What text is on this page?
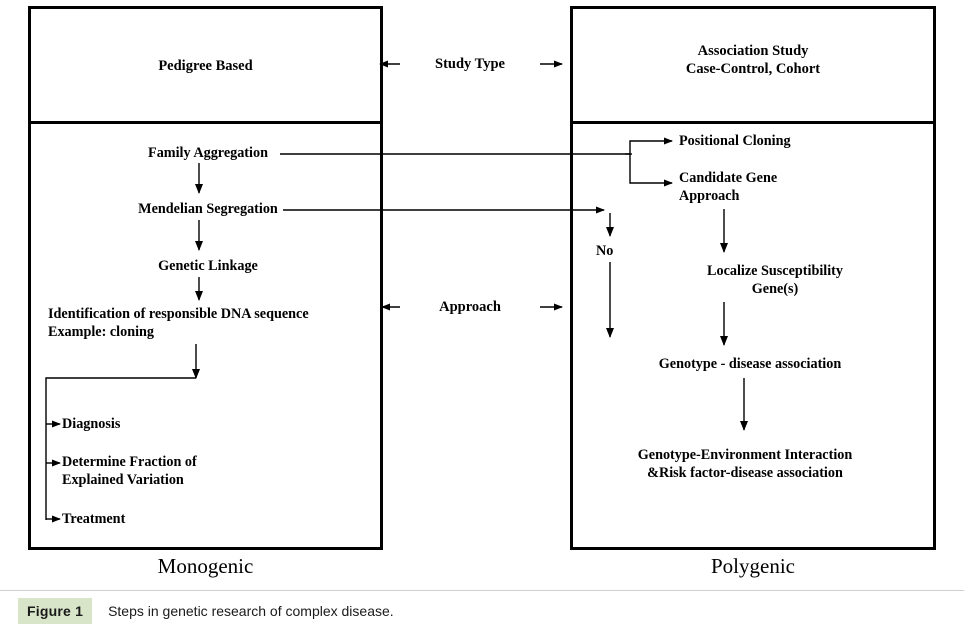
Pedigree Based
Association Study
Case-Control, Cohort
Study Type
Approach
Family Aggregation
Mendelian Segregation
Genetic Linkage
Identification of responsible DNA sequence
Example: cloning
Diagnosis
Determine Fraction of
Explained Variation
Treatment
Monogenic
Positional Cloning
Candidate Gene
Approach
No
Localize Susceptibility
Gene(s)
Genotype - disease association
Genotype-Environment Interaction
&Risk factor-disease association
Polygenic
Figure 1	Steps in genetic research of complex disease.
